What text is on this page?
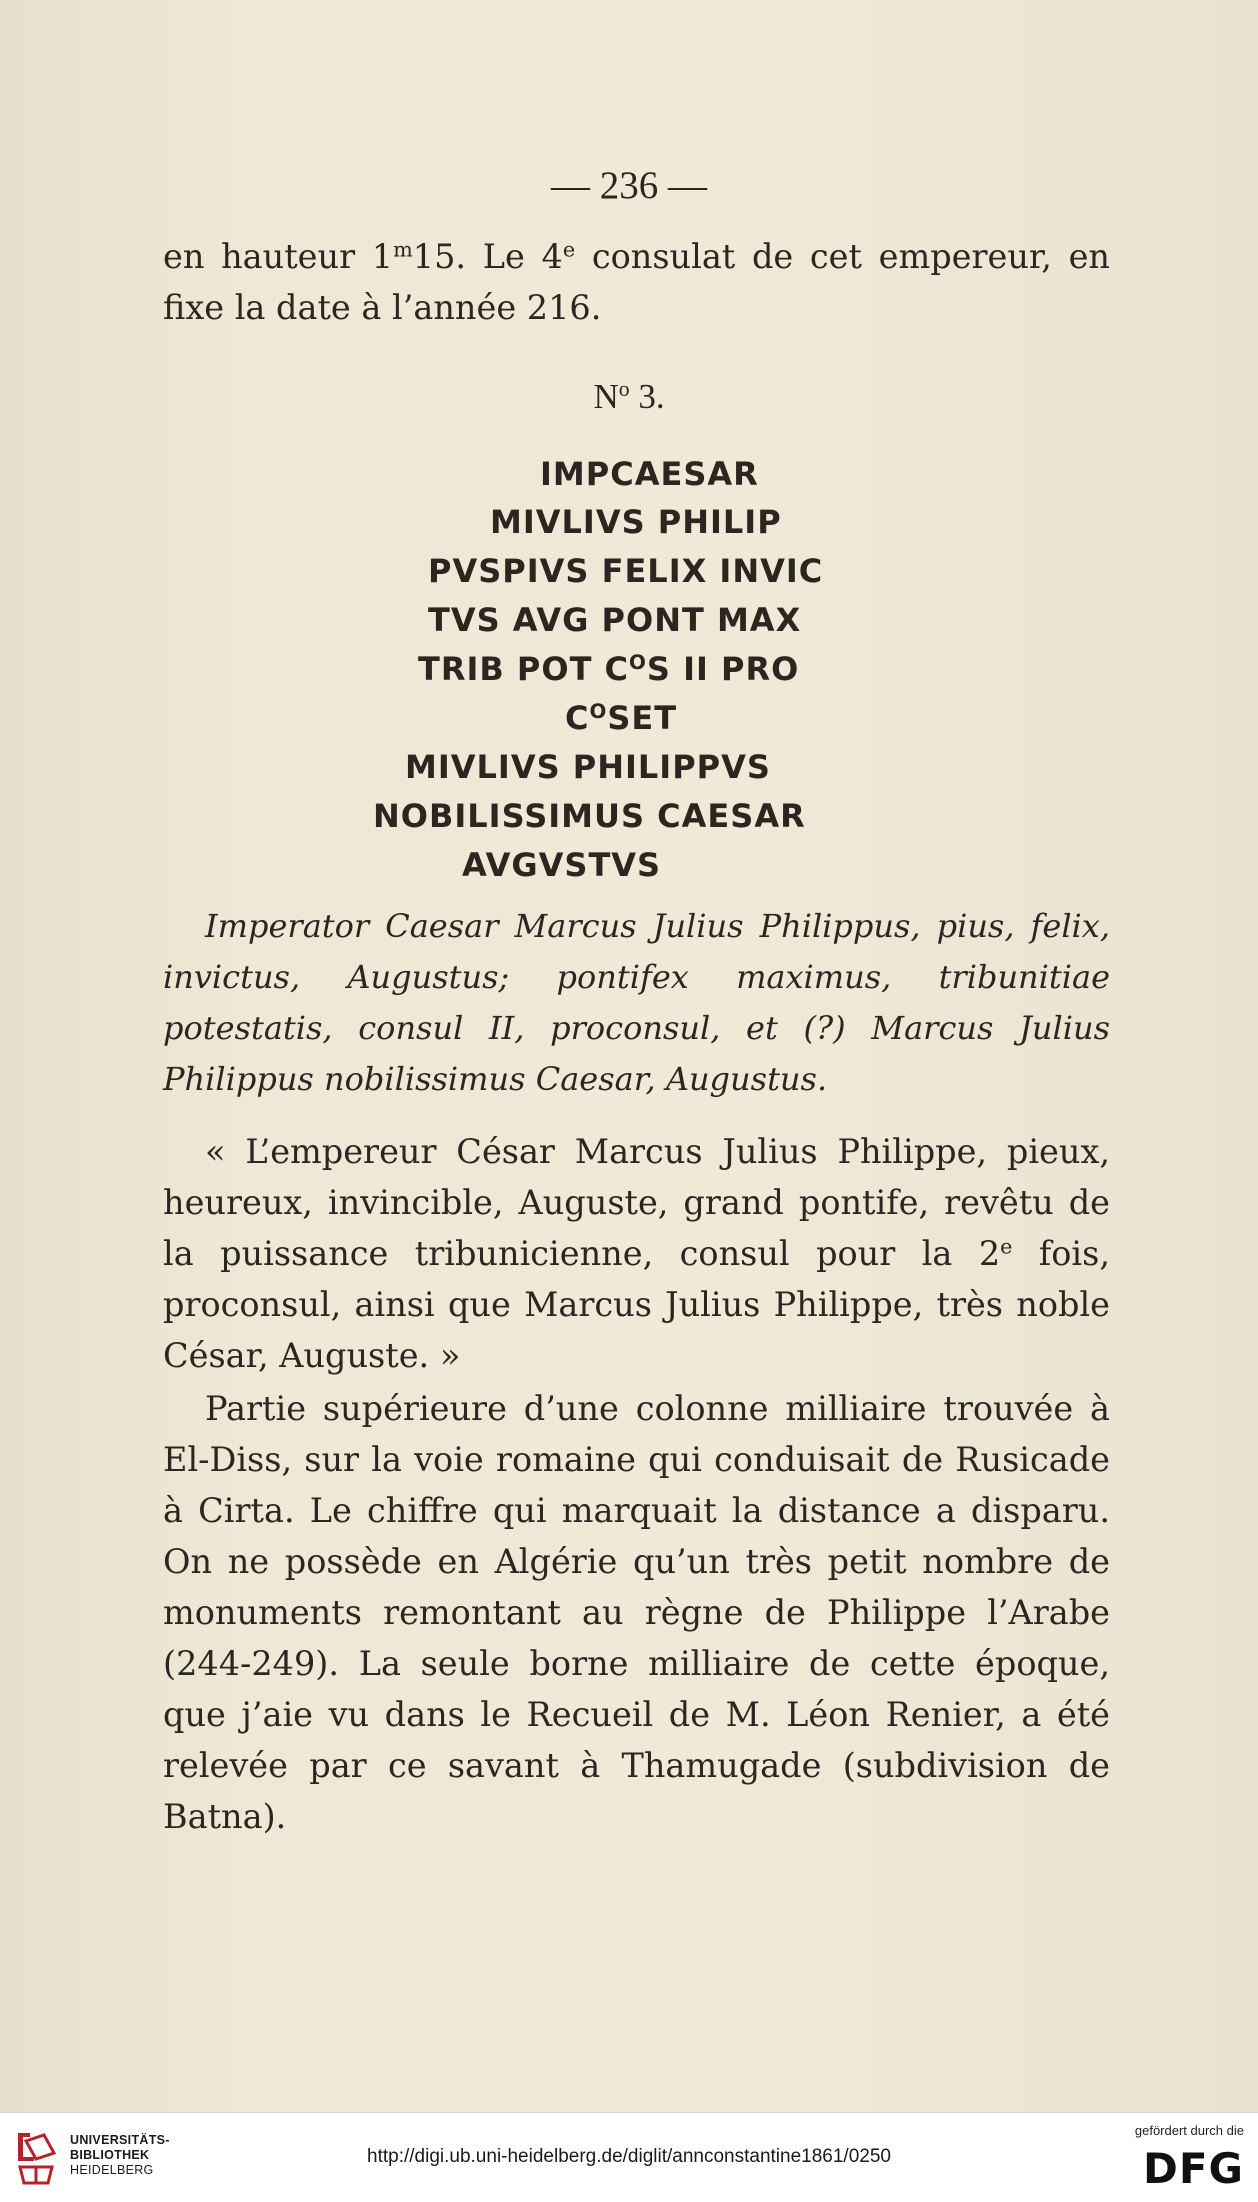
— 236 —

en hauteur 1$^m$15. Le 4e consulat de cet empereur, en fixe la date à l’année 216.

$N^o$ 3.
IMPCAESAR
MIVLIVS PHILIP
PVSPIVS FELIX INVIC
TVS AVG PONT MAX
TRIB POT $C^OS$ II PRO
$C^OSET$
MIVLIVS PHILIPPVS
NOBILISSIMUS CAESAR
AVGVSTVS

Imperator Caesar Marcus Julius Philippus, pius, felix, invictus, Augustus; pontifex maximus, tribunitiae potestatis, consul II, proconsul, et (?) Marcus Julius Philippus nobilissimus Caesar, Augustus.

« L’empereur César Marcus Julius Philippe, pieux, heureux, invincible, Auguste, grand pontife, revêtu de la puissance tribunicienne, consul pour la 2e fois, proconsul, ainsi que Marcus Julius Philippe, très noble César, Auguste. »

Partie supérieure d’une colonne milliaire trouvée à El-Diss, sur la voie romaine qui conduisait de Rusicade à Cirta. Le chiffre qui marquait la distance a disparu. On ne possède en Algérie qu’un très petit nombre de monuments remontant au règne de Philippe l’Arabe (244-249). La seule borne milliaire de cette époque, que j’aie vu dans le Recueil de M. Léon Renier, a été relevée par ce savant à Thamugade (subdivision de Batna).

UNIVERSITÄTS-
BIBLIOTHEK
HEIDELBERG
http://digi.ub.uni-heidelberg.de/diglit/annconstantine1861/0250
gefördert durch die
DFG
